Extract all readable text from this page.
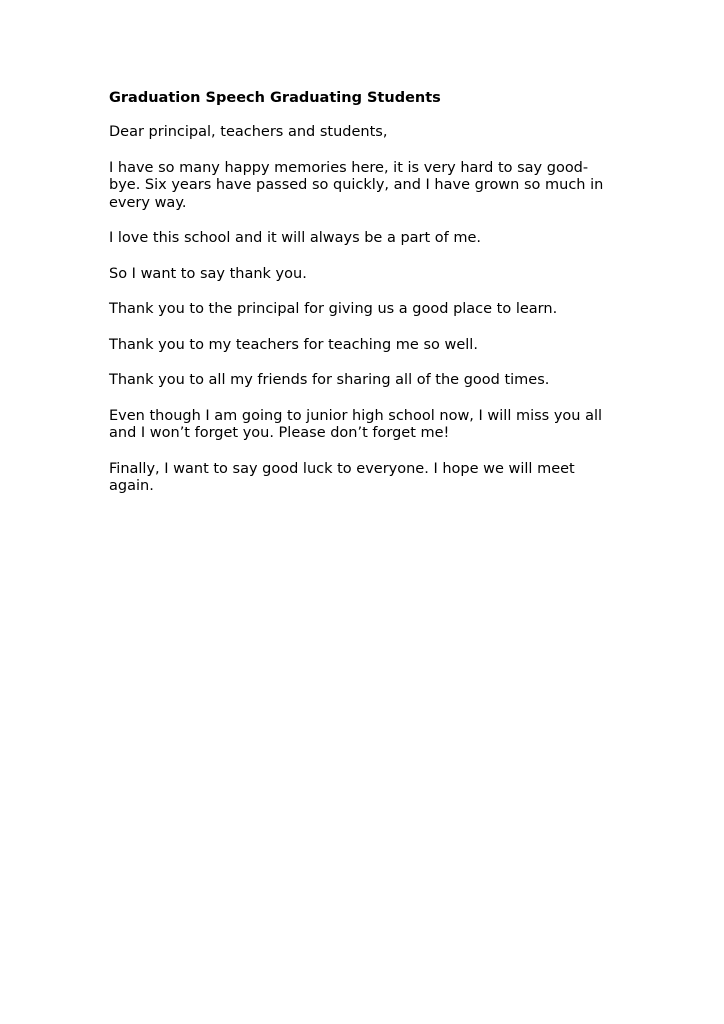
Graduation Speech Graduating Students

Dear principal, teachers and students,

I have so many happy memories here, it is very hard to say good-bye. Six years have passed so quickly, and I have grown so much in every way.

I love this school and it will always be a part of me.

So I want to say thank you.

Thank you to the principal for giving us a good place to learn.

Thank you to my teachers for teaching me so well.

Thank you to all my friends for sharing all of the good times.

Even though I am going to junior high school now, I will miss you all and I won’t forget you. Please don’t forget me!

Finally, I want to say good luck to everyone. I hope we will meet again.
